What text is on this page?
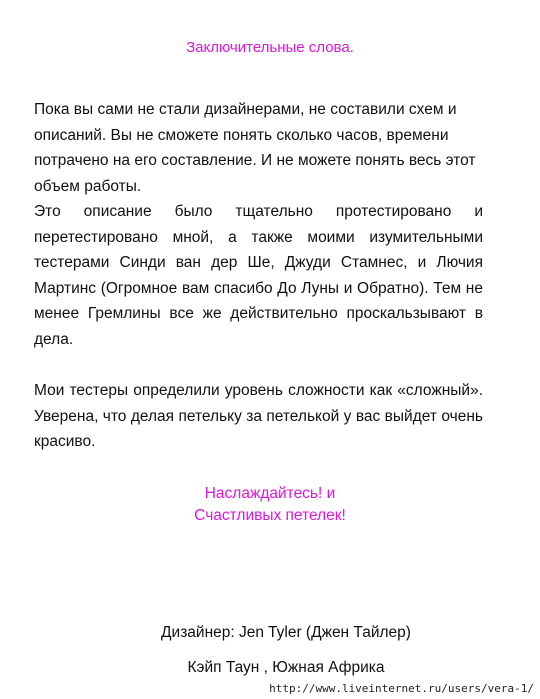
Заключительные слова.
Пока вы сами не стали дизайнерами, не составили схем и описаний. Вы не сможете понять сколько часов, времени потрачено на его составление. И не можете понять весь этот объем работы.
Это описание было тщательно протестировано и перетестировано мной, а также моими изумительными тестерами Синди ван дер Ше, Джуди Стамнес, и Лючия Мартинс (Огромное вам спасибо До Луны и Обратно). Тем не менее Гремлины все же действительно проскальзывают в дела.
Мои тестеры определили уровень сложности как «сложный». Уверена, что делая петельку за петелькой у вас выйдет очень красиво.
Наслаждайтесь! и
Счастливых петелек!
Дизайнер: Jen Tyler (Джен Тайлер)
Кэйп Таун , Южная Африка
http://www.liveinternet.ru/users/vera-1/
